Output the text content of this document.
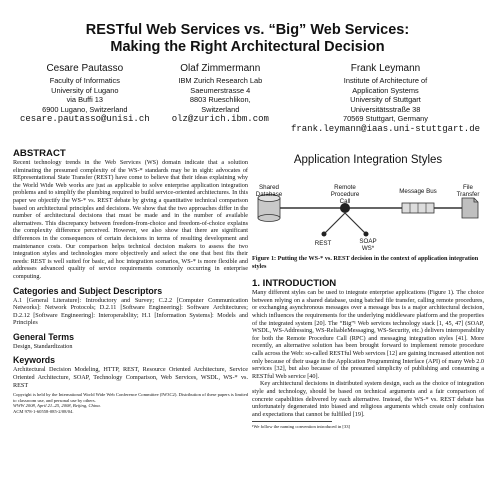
RESTful Web Services vs. “Big” Web Services:
Making the Right Architectural Decision
Cesare Pautasso
Faculty of Informatics
University of Lugano
via Buffi 13
6900 Lugano, Switzerland
cesare.pautasso@unisi.ch
Olaf Zimmermann
IBM Zurich Research Lab
Saeumerstrasse 4
8803 Rueschlikon,
Switzerland
olz@zurich.ibm.com
Frank Leymann
Institute of Architecture of
Application Systems
University of Stuttgart
Universitätsstraße 38
70569 Stuttgart, Germany
frank.leymann@iaas.uni-stuttgart.de
ABSTRACT

Recent technology trends in the Web Services (WS) domain indicate that a solution eliminating the presumed complexity of the WS-* standards may be in sight: advocates of REpresentational State Transfer (REST) have come to believe that their ideas explaining why the World Wide Web works are just as applicable to solve enterprise application integration problems and to simplify the plumbing required to build service-oriented architectures. In this paper we objectify the WS-* vs. REST debate by giving a quantitative technical comparison based on architectural principles and decisions. We show that the two approaches differ in the number of architectural decisions that must be made and in the number of available alternatives. This discrepancy between freedom-from-choice and freedom-of-choice explains the complexity difference perceived. However, we also show that there are significant differences in the consequences of certain decisions in terms of resulting development and maintenance costs. Our comparison helps technical decision makers to assess the two integration styles and technologies more objectively and select the one that best fits their needs: REST is well suited for basic, ad hoc integration scenarios, WS-* is more flexible and addresses advanced quality of service requirements commonly occurring in enterprise computing.

Categories and Subject Descriptors

A.1 [General Literature]: Introductory and Survey; C.2.2 [Computer Communication Networks]: Network Protocols; D.2.11 [Software Engineering]: Software Architectures; D.2.12 [Software Engineering]: Interoperability; H.1 [Information Systems]: Models and Principles

General Terms

Design, Standardization

Keywords

Architectural Decision Modeling, HTTP, REST, Resource Oriented Architecture, Service Oriented Architecture, SOAP, Technology Comparison, Web Services, WSDL, WS-* vs. REST

Copyright is held by the International World Wide Web Conference Committee (IW3C2). Distribution of these papers is limited to classroom use, and personal use by others.

WWW 2008, April 21–25, 2008, Beijing, China.

ACM 978-1-60558-085-2/08/04.

Application Integration Styles
Shared Database
Remote Procedure Call
Message Bus
File Transfer
REST	SOAP WS*
Figure 1: Putting the WS-* vs. REST decision in the context of application integration styles
1. INTRODUCTION

Many different styles can be used to integrate enterprise applications (Figure 1). The choice between relying on a shared database, using batched file transfer, calling remote procedures, or exchanging asynchronous messages over a message bus is a major architectural decision, which influences the requirements for the underlying middleware platform and the properties of the integrated system [20]. The “Big”¹ Web services technology stack [1, 45, 47] (SOAP, WSDL, WS-Addressing, WS-ReliableMessaging, WS-Security, etc.) delivers interoperability for both the Remote Procedure Call (RPC) and messaging integration styles [41]. More recently, an alternative solution has been brought forward to implement remote procedure calls across the Web: so-called RESTful Web services [12] are gaining increased attention not only because of their usage in the Application Programming Interface (API) of many Web 2.0 services [32], but also because of the presumed simplicity of publishing and consuming a RESTful Web service [40].

Key architectural decisions in distributed system design, such as the choice of integration style and technology, should be based on technical arguments and a fair comparison of concrete capabilities delivered by each alternative. Instead, the WS-* vs. REST debate has unfortunately degenerated into biased and religious arguments which create only confusion and expectations that cannot be fulfilled [19].

¹We follow the naming convention introduced in [33]
